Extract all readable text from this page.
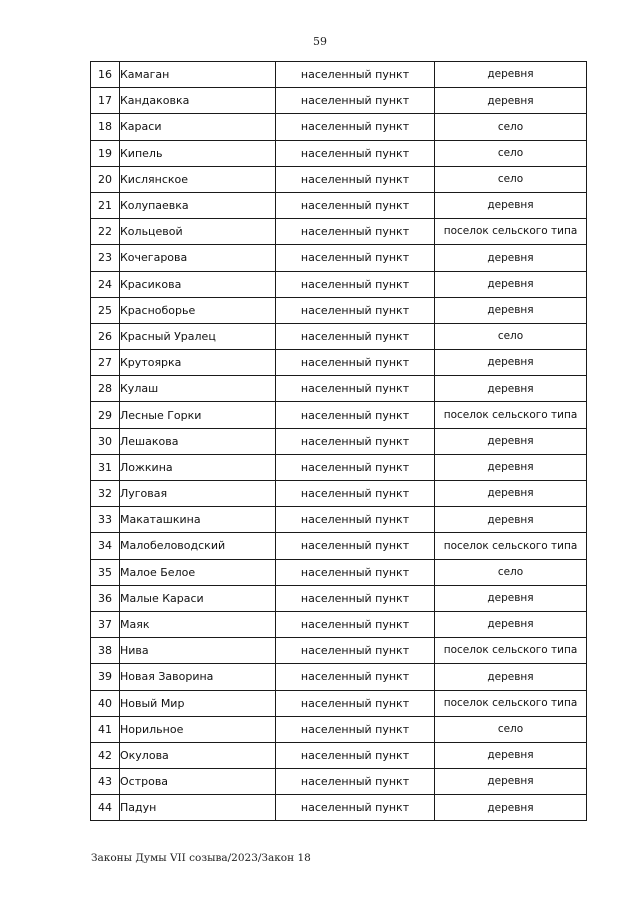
59
16	Камаган	населенный пункт	деревня
17	Кандаковка	населенный пункт	деревня
18	Караси	населенный пункт	село
19	Кипель	населенный пункт	село
20	Кислянское	населенный пункт	село
21	Колупаевка	населенный пункт	деревня
22	Кольцевой	населенный пункт	поселок сельского типа
23	Кочегарова	населенный пункт	деревня
24	Красикова	населенный пункт	деревня
25	Красноборье	населенный пункт	деревня
26	Красный Уралец	населенный пункт	село
27	Крутоярка	населенный пункт	деревня
28	Кулаш	населенный пункт	деревня
29	Лесные Горки	населенный пункт	поселок сельского типа
30	Лешакова	населенный пункт	деревня
31	Ложкина	населенный пункт	деревня
32	Луговая	населенный пункт	деревня
33	Макаташкина	населенный пункт	деревня
34	Малобеловодский	населенный пункт	поселок сельского типа
35	Малое Белое	населенный пункт	село
36	Малые Караси	населенный пункт	деревня
37	Маяк	населенный пункт	деревня
38	Нива	населенный пункт	поселок сельского типа
39	Новая Заворина	населенный пункт	деревня
40	Новый Мир	населенный пункт	поселок сельского типа
41	Норильное	населенный пункт	село
42	Окулова	населенный пункт	деревня
43	Острова	населенный пункт	деревня
44	Падун	населенный пункт	деревня
Законы Думы VII созыва/2023/Закон 18
